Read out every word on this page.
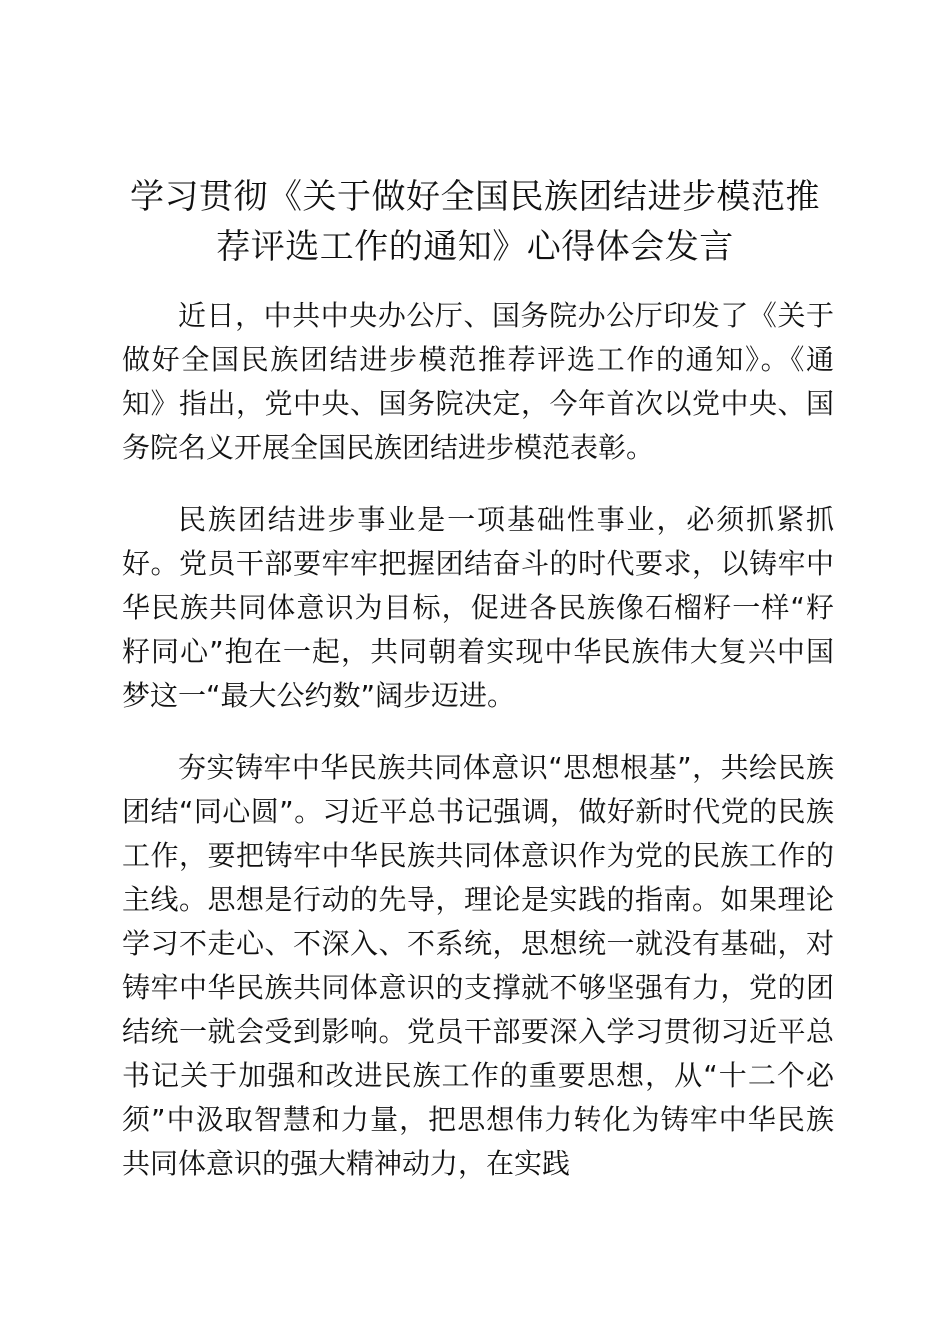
学习贯彻《关于做好全国民族团结进步模范推
荐评选工作的通知》心得体会发言

近日，中共中央办公厅、国务院办公厅印发了《关于做好全国民族团结进步模范推荐评选工作的通知》。《通知》指出，党中央、国务院决定，今年首次以党中央、国务院名义开展全国民族团结进步模范表彰。

民族团结进步事业是一项基础性事业，必须抓紧抓好。党员干部要牢牢把握团结奋斗的时代要求，以铸牢中华民族共同体意识为目标，促进各民族像石榴籽一样“籽籽同心”抱在一起，共同朝着实现中华民族伟大复兴中国梦这一“最大公约数”阔步迈进。

夯实铸牢中华民族共同体意识“思想根基”，共绘民族团结“同心圆”。习近平总书记强调，做好新时代党的民族工作，要把铸牢中华民族共同体意识作为党的民族工作的主线。思想是行动的先导，理论是实践的指南。如果理论学习不走心、不深入、不系统，思想统一就没有基础，对铸牢中华民族共同体意识的支撑就不够坚强有力，党的团结统一就会受到影响。党员干部要深入学习贯彻习近平总书记关于加强和改进民族工作的重要思想，从“十二个必须”中汲取智慧和力量，把思想伟力转化为铸牢中华民族共同体意识的强大精神动力，在实践
